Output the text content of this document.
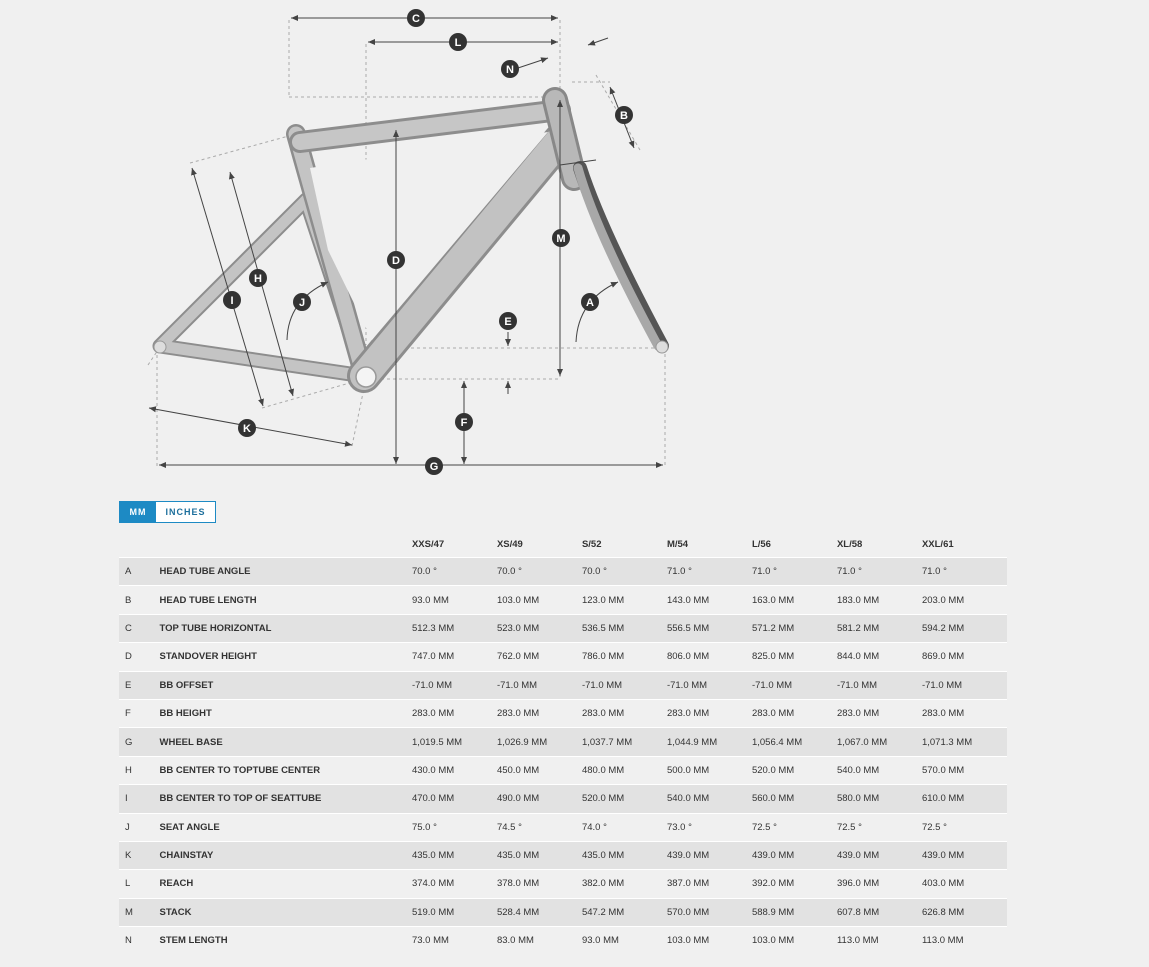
C
L
N
B
M
A
D
E
F
G
K
I
H
J
MM	INCHES
		XXS/47	XS/49	S/52	M/54	L/56	XL/58	XXL/61
A	HEAD TUBE ANGLE	70.0 °	70.0 °	70.0 °	71.0 °	71.0 °	71.0 °	71.0 °
B	HEAD TUBE LENGTH	93.0 MM	103.0 MM	123.0 MM	143.0 MM	163.0 MM	183.0 MM	203.0 MM
C	TOP TUBE HORIZONTAL	512.3 MM	523.0 MM	536.5 MM	556.5 MM	571.2 MM	581.2 MM	594.2 MM
D	STANDOVER HEIGHT	747.0 MM	762.0 MM	786.0 MM	806.0 MM	825.0 MM	844.0 MM	869.0 MM
E	BB OFFSET	-71.0 MM	-71.0 MM	-71.0 MM	-71.0 MM	-71.0 MM	-71.0 MM	-71.0 MM
F	BB HEIGHT	283.0 MM	283.0 MM	283.0 MM	283.0 MM	283.0 MM	283.0 MM	283.0 MM
G	WHEEL BASE	1,019.5 MM	1,026.9 MM	1,037.7 MM	1,044.9 MM	1,056.4 MM	1,067.0 MM	1,071.3 MM
H	BB CENTER TO TOPTUBE CENTER	430.0 MM	450.0 MM	480.0 MM	500.0 MM	520.0 MM	540.0 MM	570.0 MM
I	BB CENTER TO TOP OF SEATTUBE	470.0 MM	490.0 MM	520.0 MM	540.0 MM	560.0 MM	580.0 MM	610.0 MM
J	SEAT ANGLE	75.0 °	74.5 °	74.0 °	73.0 °	72.5 °	72.5 °	72.5 °
K	CHAINSTAY	435.0 MM	435.0 MM	435.0 MM	439.0 MM	439.0 MM	439.0 MM	439.0 MM
L	REACH	374.0 MM	378.0 MM	382.0 MM	387.0 MM	392.0 MM	396.0 MM	403.0 MM
M	STACK	519.0 MM	528.4 MM	547.2 MM	570.0 MM	588.9 MM	607.8 MM	626.8 MM
N	STEM LENGTH	73.0 MM	83.0 MM	93.0 MM	103.0 MM	103.0 MM	113.0 MM	113.0 MM
